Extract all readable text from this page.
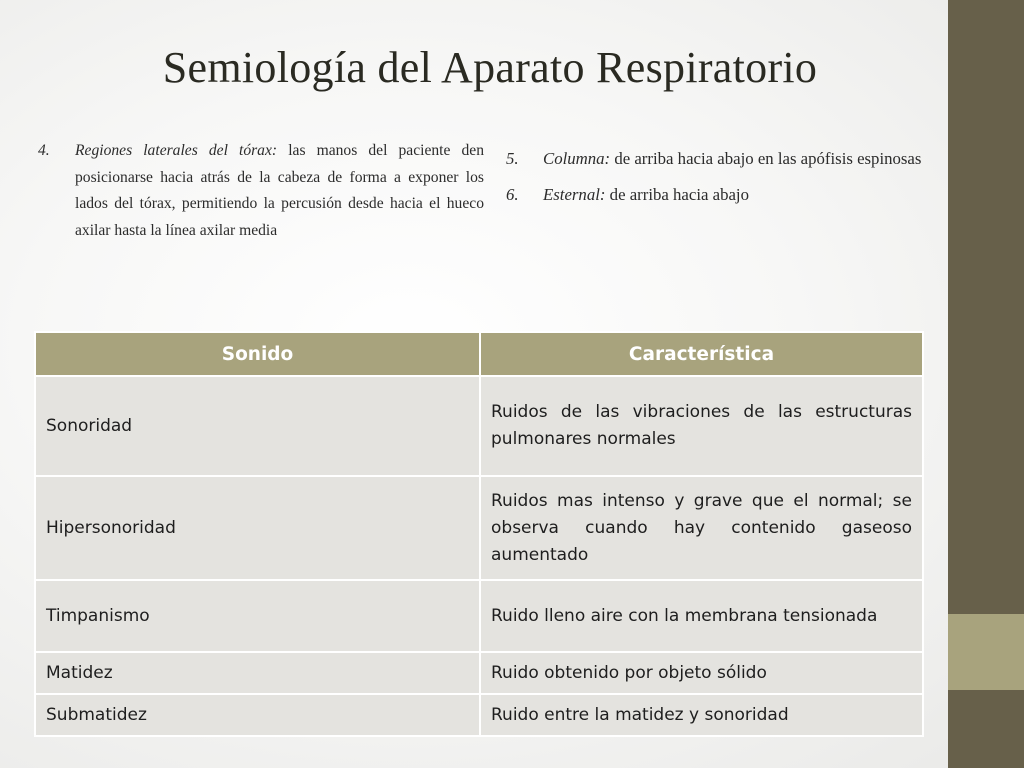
Semiología del Aparato Respiratorio
4.	Regiones laterales del tórax: las manos del paciente den posicionarse hacia atrás de la cabeza de forma a exponer los lados del tórax, permitiendo la percusión desde hacia el hueco axilar hasta la línea axilar media
5.	Columna: de arriba hacia abajo en las apófisis espinosas
6.	Esternal: de arriba hacia abajo
Sonido	Característica
Sonoridad	Ruidos de las vibraciones de las estructuras pulmonares normales
Hipersonoridad	Ruidos mas intenso y grave que el normal; se observa cuando hay contenido gaseoso aumentado
Timpanismo	Ruido lleno aire con la membrana tensionada
Matidez	Ruido obtenido por objeto sólido
Submatidez	Ruido entre la matidez y sonoridad
